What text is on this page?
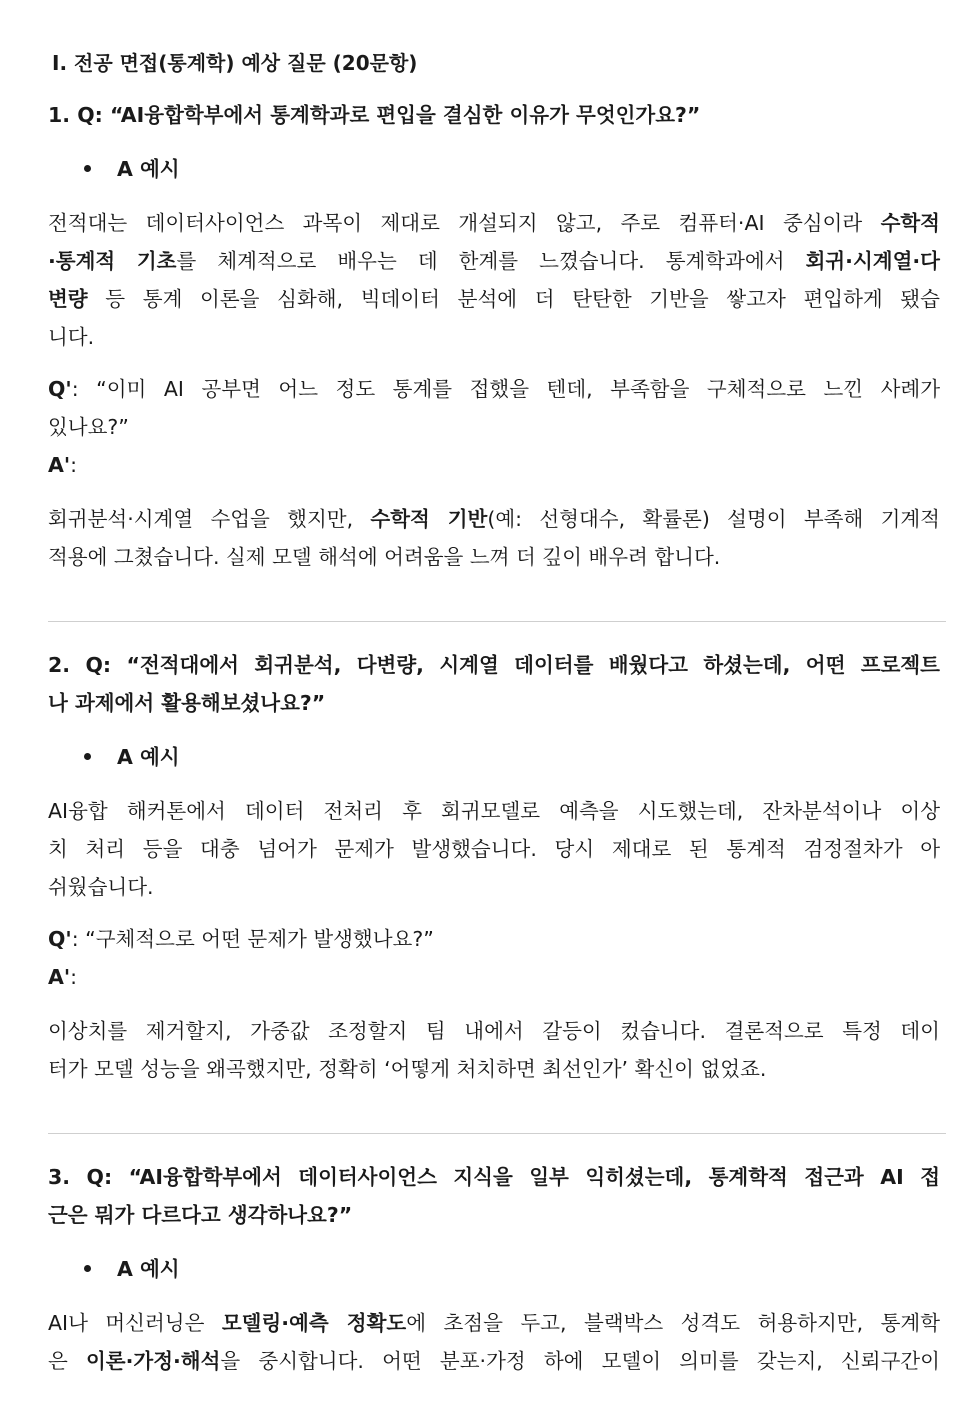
Ⅰ. 전공 면접(통계학) 예상 질문 (20문항)
1. Q: “AI융합학부에서 통계학과로 편입을 결심한 이유가 무엇인가요?”
A 예시
전적대는 데이터사이언스 과목이 제대로 개설되지 않고, 주로 컴퓨터·AI 중심이라 수학적
·통계적 기초를 체계적으로 배우는 데 한계를 느꼈습니다. 통계학과에서 회귀·시계열·다
변량 등 통계 이론을 심화해, 빅데이터 분석에 더 탄탄한 기반을 쌓고자 편입하게 됐습
니다.
Q': “이미 AI 공부면 어느 정도 통계를 접했을 텐데, 부족함을 구체적으로 느낀 사례가
있나요?”
A':
회귀분석·시계열 수업을 했지만, 수학적 기반(예: 선형대수, 확률론) 설명이 부족해 기계적
적용에 그쳤습니다. 실제 모델 해석에 어려움을 느껴 더 깊이 배우려 합니다.
2. Q: “전적대에서 회귀분석, 다변량, 시계열 데이터를 배웠다고 하셨는데, 어떤 프로젝트
나 과제에서 활용해보셨나요?”
A 예시
AI융합 해커톤에서 데이터 전처리 후 회귀모델로 예측을 시도했는데, 잔차분석이나 이상
치 처리 등을 대충 넘어가 문제가 발생했습니다. 당시 제대로 된 통계적 검정절차가 아
쉬웠습니다.
Q': “구체적으로 어떤 문제가 발생했나요?”
A':
이상치를 제거할지, 가중값 조정할지 팀 내에서 갈등이 컸습니다. 결론적으로 특정 데이
터가 모델 성능을 왜곡했지만, 정확히 ‘어떻게 처치하면 최선인가’ 확신이 없었죠.
3. Q: “AI융합학부에서 데이터사이언스 지식을 일부 익히셨는데, 통계학적 접근과 AI 접
근은 뭐가 다르다고 생각하나요?”
A 예시
AI나 머신러닝은 모델링·예측 정확도에 초점을 두고, 블랙박스 성격도 허용하지만, 통계학
은 이론·가정·해석을 중시합니다. 어떤 분포·가정 하에 모델이 의미를 갖는지, 신뢰구간이
